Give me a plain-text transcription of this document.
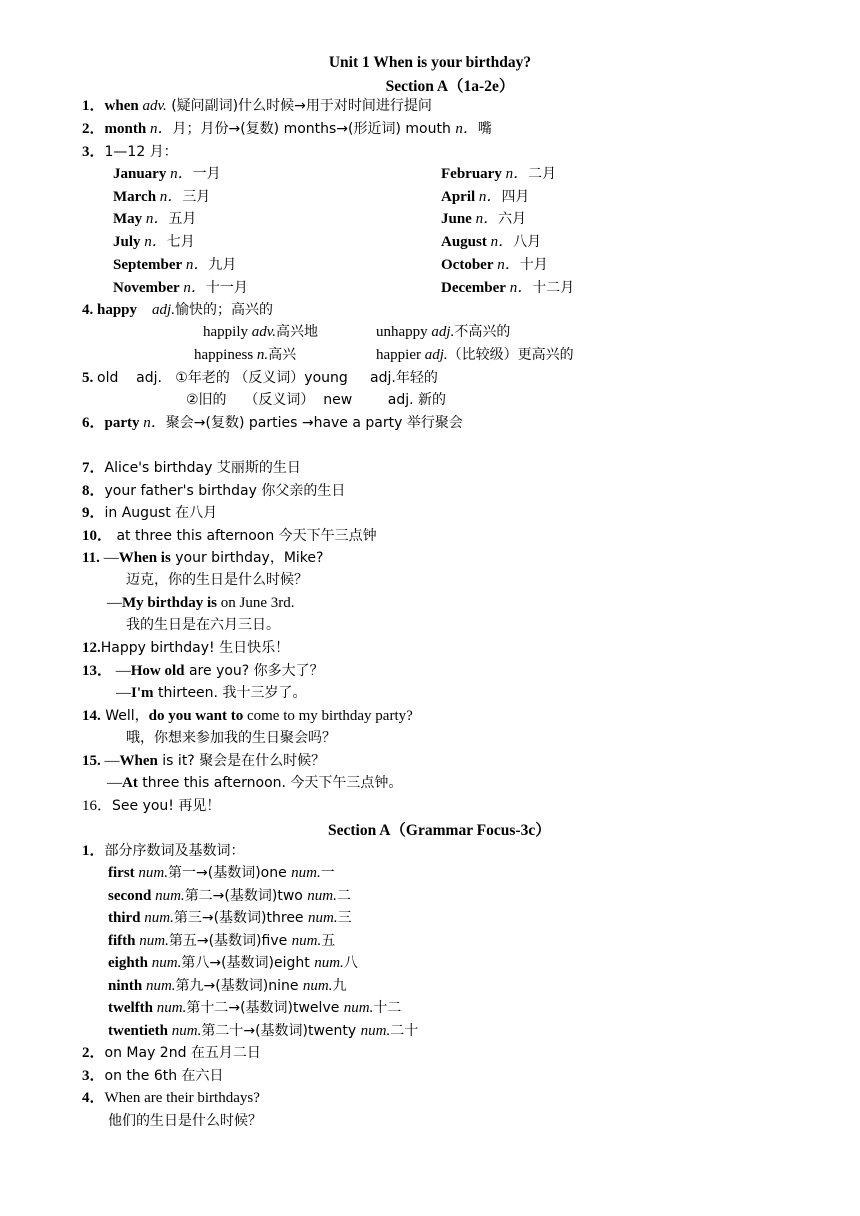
Unit 1 When is your birthday?
Section A（1a-2e）
1．when adv. (疑问副词)什么时候→用于对时间进行提问
2．month n．月；月份→(复数) months→(形近词) mouth n．嘴
3．1—12 月：
January n．一月	February n．二月
March n．三月	April n．四月
May n．五月	June n．六月
July n．七月	August n．八月
September n．九月	October n．十月
November n．十一月	December n．十二月
4. happy adj.愉快的；高兴的
happily adv.高兴地	unhappy adj.不高兴的
happiness n.高兴	happier adj.（比较级）更高兴的
5. old    adj.   ①年老的 （反义词）young     adj.年轻的
②旧的    （反义词）  new        adj. 新的
6．party n．聚会→(复数) parties →have a party 举行聚会
7．Alice's birthday 艾丽斯的生日
8．your father's birthday 你父亲的生日
9．in August 在八月
10． at three this afternoon 今天下午三点钟
11. —When is your birthday，Mike?
迈克，你的生日是什么时候？
—My birthday is on June 3rd.
我的生日是在六月三日。
12.Happy birthday! 生日快乐！
13． —How old are you? 你多大了？
—I'm thirteen. 我十三岁了。
14. Well，do you want to come to my birthday party?
哦，你想来参加我的生日聚会吗？
15. —When is it? 聚会是在什么时候？
—At three this afternoon. 今天下午三点钟。
16．See you! 再见！
Section A（Grammar Focus-3c）
1．部分序数词及基数词：
first num.第一→(基数词)one num.一
second num.第二→(基数词)two num.二
third num.第三→(基数词)three num.三
fifth num.第五→(基数词)five num.五
eighth num.第八→(基数词)eight num.八
ninth num.第九→(基数词)nine num.九
twelfth num.第十二→(基数词)twelve num.十二
twentieth num.第二十→(基数词)twenty num.二十
2．on May 2nd 在五月二日
3．on the 6th 在六日
4．When are their birthdays?
他们的生日是什么时候？
